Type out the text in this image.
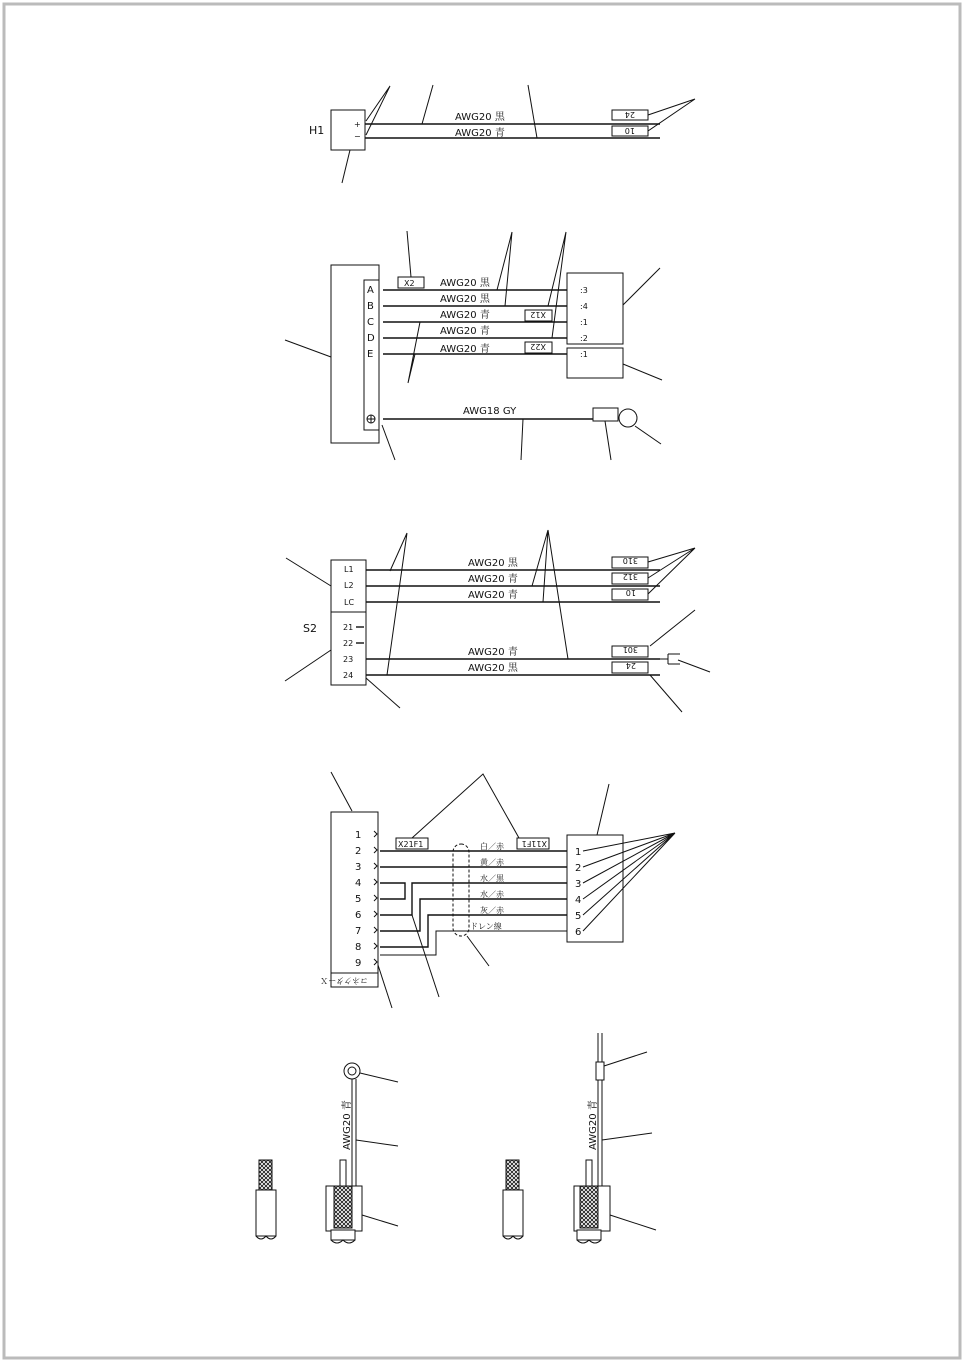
H1	+
−
AWG20 黒
AWG20 青
24
10
A
B
C
D
E
AWG20 黒
AWG20 黒
AWG20 青
AWG20 青
AWG20 青
X2
X12
X22
:3
:4
:1
:2
:1
AWG18 GY
S2
L1
L2
LC
21
22
23
24
AWG20 黒
AWG20 青
AWG20 青
AWG20 青
AWG20 黒
310
312
10
301
24
コネクターＸ
1
2
3
4
5
6
7
8
9
X21F1	X11F1
白／赤
黄／赤
水／黒
水／赤
灰／赤
ドレン線
1
2
3
4
5
6
AWG20 青	AWG20 青
